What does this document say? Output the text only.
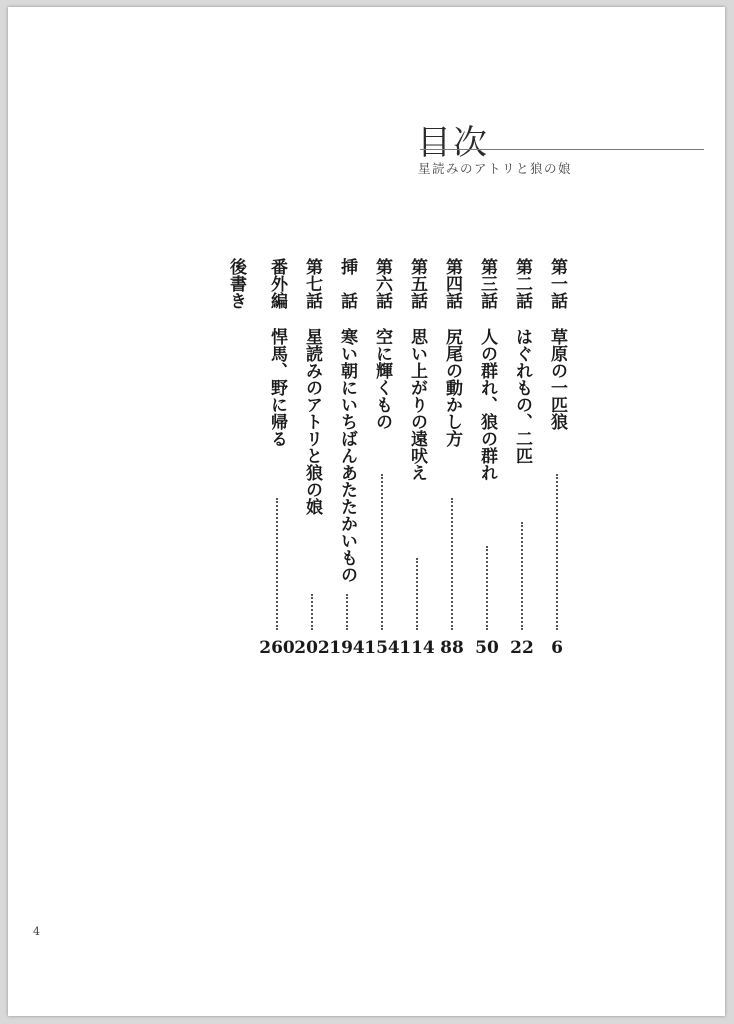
目次
星読みのアトリと狼の娘
第一話
草原の一匹狼
6
第二話
はぐれもの、二匹
22
第三話
人の群れ、狼の群れ
50
第四話
尻尾の動かし方
88
第五話
思い上がりの遠吠え
114
第六話
空に輝くもの
154
挿　話
寒い朝にいちばんあたたかいもの
194
第七話
星読みのアトリと狼の娘
202
番外編
悍馬、野に帰る
260
後書き
4
